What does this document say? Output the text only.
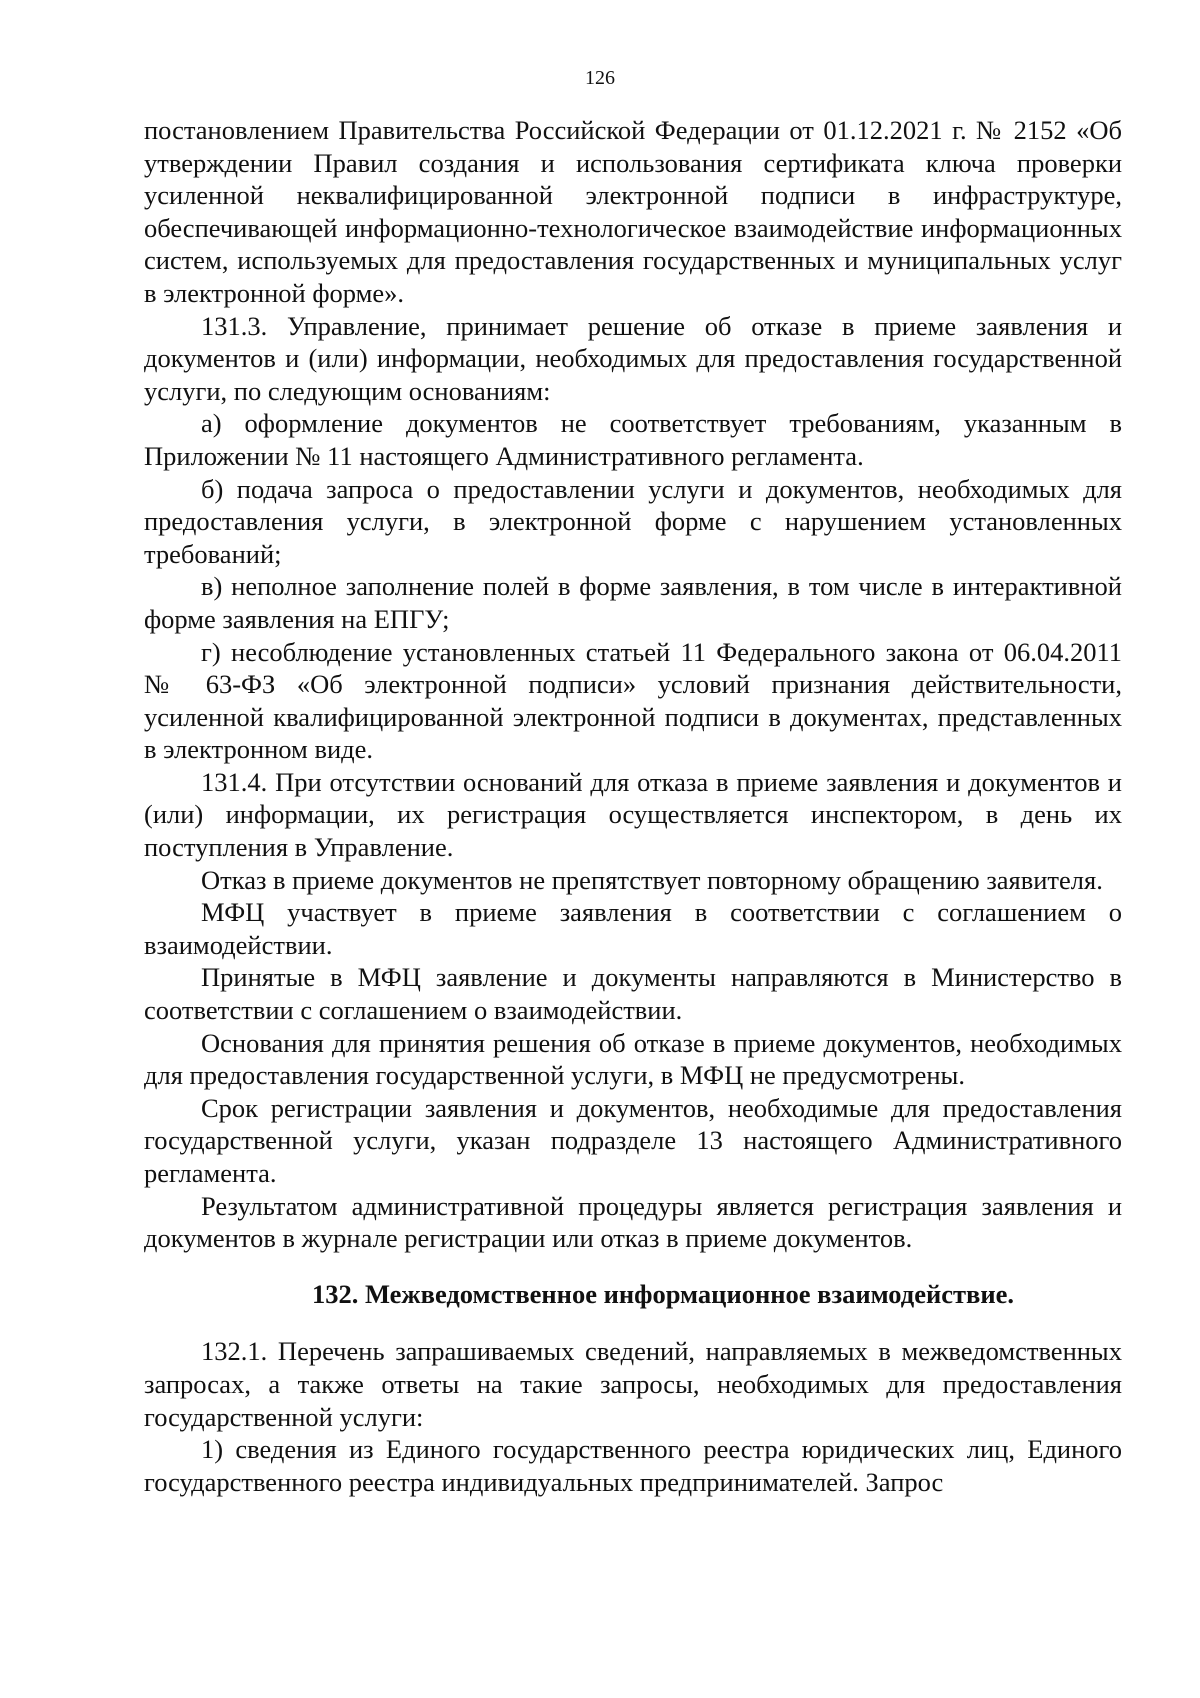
126

постановлением Правительства Российской Федерации от 01.12.2021 г. № 2152 «Об утверждении Правил создания и использования сертификата ключа проверки усиленной неквалифицированной электронной подписи в инфраструктуре, обеспечивающей информационно-технологическое взаимодействие информационных систем, используемых для предоставления государственных и муниципальных услуг в электронной форме».

131.3. Управление, принимает решение об отказе в приеме заявления и документов и (или) информации, необходимых для предоставления государственной услуги, по следующим основаниям:

а) оформление документов не соответствует требованиям, указанным в Приложении № 11 настоящего Административного регламента.

б) подача запроса о предоставлении услуги и документов, необходимых для предоставления услуги, в электронной форме с нарушением установленных требований;

в) неполное заполнение полей в форме заявления, в том числе в интерактивной форме заявления на ЕПГУ;

г) несоблюдение установленных статьей 11 Федерального закона от 06.04.2011 № 63-ФЗ «Об электронной подписи» условий признания действительности, усиленной квалифицированной электронной подписи в документах, представленных в электронном виде.

131.4. При отсутствии оснований для отказа в приеме заявления и документов и (или) информации, их регистрация осуществляется инспектором, в день их поступления в Управление.

Отказ в приеме документов не препятствует повторному обращению заявителя.

МФЦ участвует в приеме заявления в соответствии с соглашением о взаимодействии.

Принятые в МФЦ заявление и документы направляются в Министерство в соответствии с соглашением о взаимодействии.

Основания для принятия решения об отказе в приеме документов, необходимых для предоставления государственной услуги, в МФЦ не предусмотрены.

Срок регистрации заявления и документов, необходимые для предоставления государственной услуги, указан подразделе 13 настоящего Административного регламента.

Результатом административной процедуры является регистрация заявления и документов в журнале регистрации или отказ в приеме документов.

132. Межведомственное информационное взаимодействие.

132.1. Перечень запрашиваемых сведений, направляемых в межведомственных запросах, а также ответы на такие запросы, необходимых для предоставления государственной услуги:

1) сведения из Единого государственного реестра юридических лиц, Единого государственного реестра индивидуальных предпринимателей. Запрос
